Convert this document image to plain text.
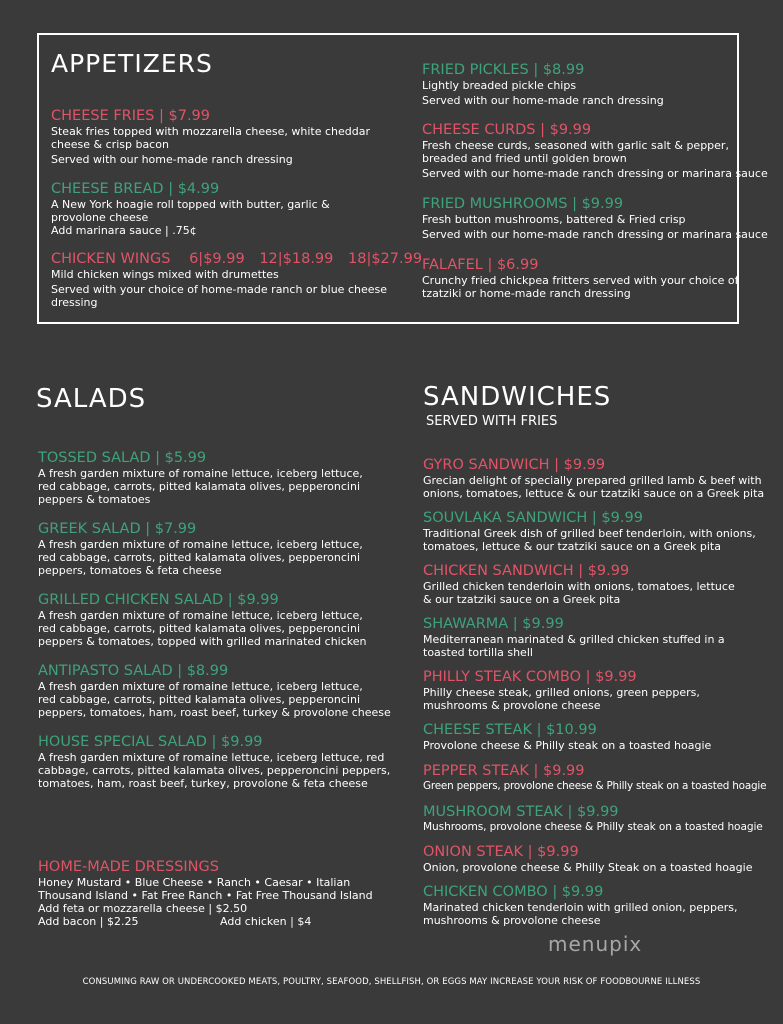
APPETIZERS
CHEESE FRIES | $7.99
Steak fries topped with mozzarella cheese, white cheddar
cheese & crisp bacon
Served with our home-made ranch dressing
CHEESE BREAD | $4.99
A New York hoagie roll topped with butter, garlic &
provolone cheese
Add marinara sauce | .75¢
CHICKEN WINGS 6|$9.99 12|$18.99 18|$27.99
Mild chicken wings mixed with drumettes
Served with your choice of home-made ranch or blue cheese
dressing
FRIED PICKLES | $8.99
Lightly breaded pickle chips
Served with our home-made ranch dressing
CHEESE CURDS | $9.99
Fresh cheese curds, seasoned with garlic salt & pepper,
breaded and fried until golden brown
Served with our home-made ranch dressing or marinara sauce
FRIED MUSHROOMS | $9.99
Fresh button mushrooms, battered & Fried crisp
Served with our home-made ranch dressing or marinara sauce
FALAFEL | $6.99
Crunchy fried chickpea fritters served with your choice of
tzatziki or home-made ranch dressing
SALADS
TOSSED SALAD | $5.99
A fresh garden mixture of romaine lettuce, iceberg lettuce,
red cabbage, carrots, pitted kalamata olives, pepperoncini
peppers & tomatoes
GREEK SALAD | $7.99
A fresh garden mixture of romaine lettuce, iceberg lettuce,
red cabbage, carrots, pitted kalamata olives, pepperoncini
peppers, tomatoes & feta cheese
GRILLED CHICKEN SALAD | $9.99
A fresh garden mixture of romaine lettuce, iceberg lettuce,
red cabbage, carrots, pitted kalamata olives, pepperoncini
peppers & tomatoes, topped with grilled marinated chicken
ANTIPASTO SALAD | $8.99
A fresh garden mixture of romaine lettuce, iceberg lettuce,
red cabbage, carrots, pitted kalamata olives, pepperoncini
peppers, tomatoes, ham, roast beef, turkey & provolone cheese
HOUSE SPECIAL SALAD | $9.99
A fresh garden mixture of romaine lettuce, iceberg lettuce, red
cabbage, carrots, pitted kalamata olives, pepperoncini peppers,
tomatoes, ham, roast beef, turkey, provolone & feta cheese
HOME-MADE DRESSINGS
Honey Mustard • Blue Cheese • Ranch • Caesar • Italian
Thousand Island • Fat Free Ranch • Fat Free Thousand Island
Add feta or mozzarella cheese | $2.50
Add bacon | $2.25	Add chicken | $4
SANDWICHES
SERVED WITH FRIES
GYRO SANDWICH | $9.99
Grecian delight of specially prepared grilled lamb & beef with
onions, tomatoes, lettuce & our tzatziki sauce on a Greek pita
SOUVLAKA SANDWICH | $9.99
Traditional Greek dish of grilled beef tenderloin, with onions,
tomatoes, lettuce & our tzatziki sauce on a Greek pita
CHICKEN SANDWICH | $9.99
Grilled chicken tenderloin with onions, tomatoes, lettuce
& our tzatziki sauce on a Greek pita
SHAWARMA | $9.99
Mediterranean marinated & grilled chicken stuffed in a
toasted tortilla shell
PHILLY STEAK COMBO | $9.99
Philly cheese steak, grilled onions, green peppers,
mushrooms & provolone cheese
CHEESE STEAK | $10.99
Provolone cheese & Philly steak on a toasted hoagie
PEPPER STEAK | $9.99
Green peppers, provolone cheese & Philly steak on a toasted hoagie
MUSHROOM STEAK | $9.99
Mushrooms, provolone cheese & Philly steak on a toasted hoagie
ONION STEAK | $9.99
Onion, provolone cheese & Philly Steak on a toasted hoagie
CHICKEN COMBO | $9.99
Marinated chicken tenderloin with grilled onion, peppers,
mushrooms & provolone cheese
menupix
CONSUMING RAW OR UNDERCOOKED MEATS, POULTRY, SEAFOOD, SHELLFISH, OR EGGS MAY INCREASE YOUR RISK OF FOODBOURNE ILLNESS
